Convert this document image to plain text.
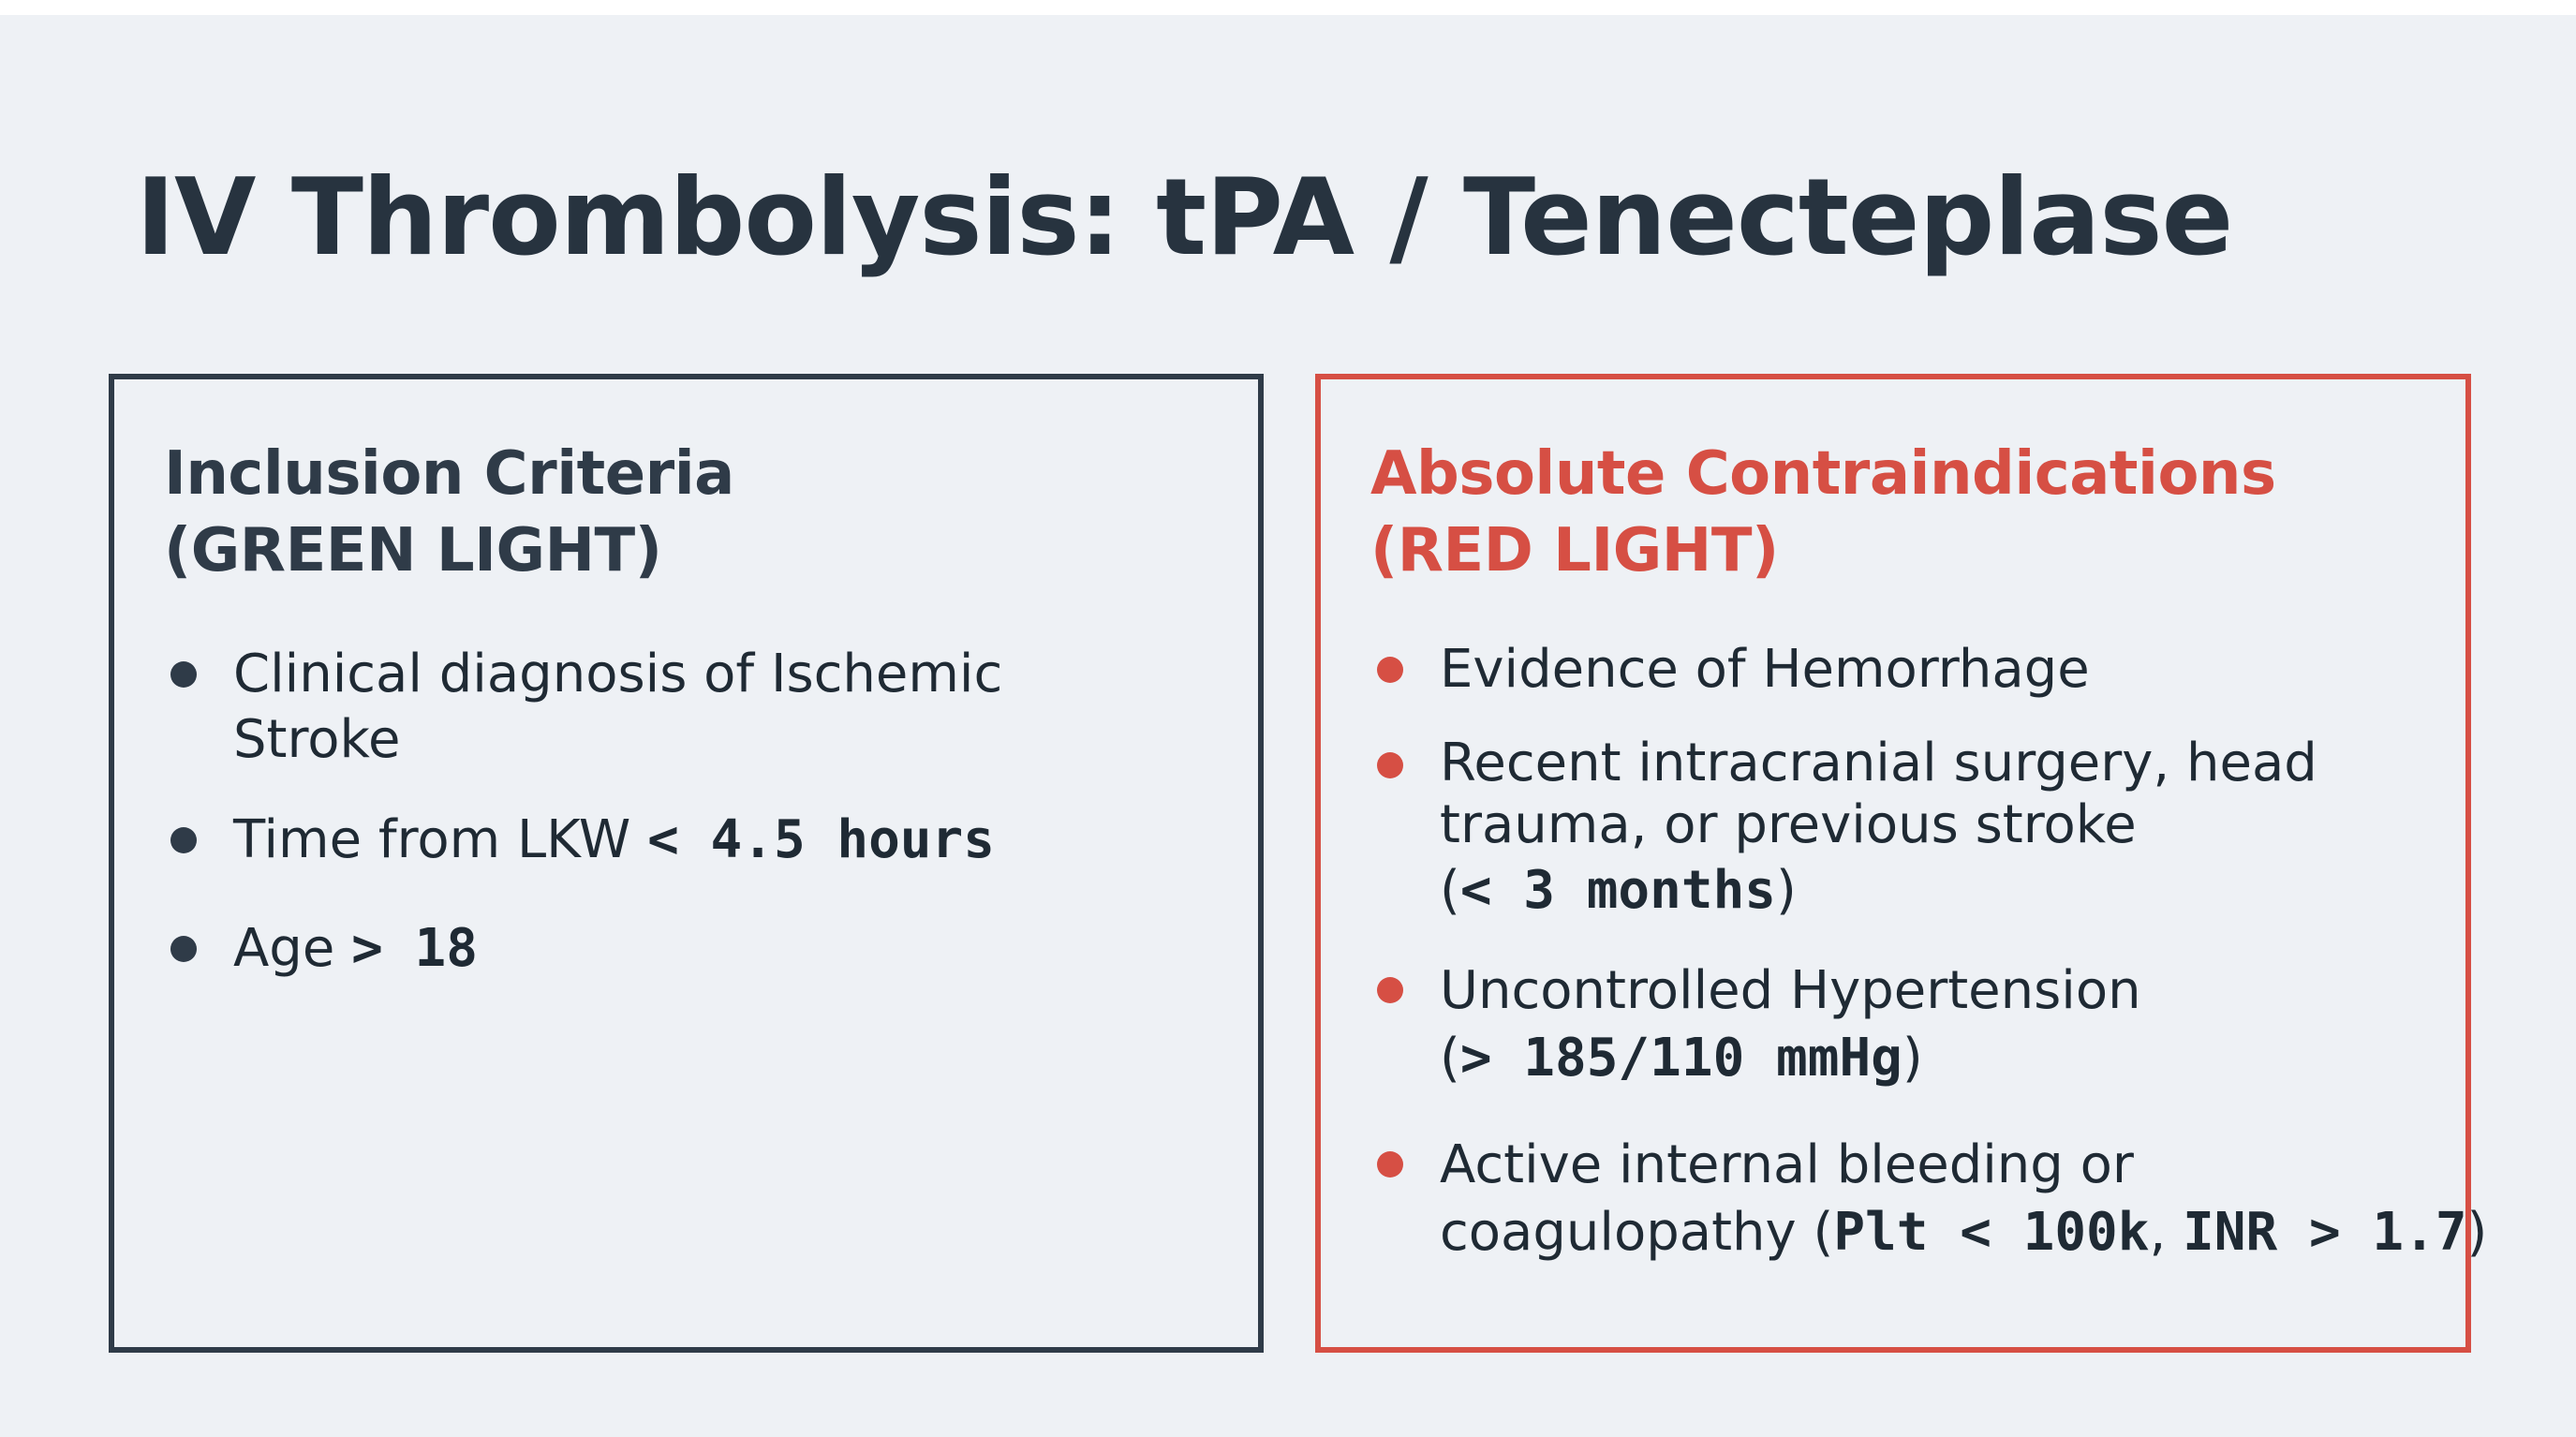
IV Thrombolysis: tPA / Tenecteplase
Inclusion Criteria
(GREEN LIGHT)
Clinical diagnosis of Ischemic
Stroke
Time from LKW < 4.5 hours
Age > 18
Absolute Contraindications
(RED LIGHT)
Evidence of Hemorrhage
Recent intracranial surgery, head
trauma, or previous stroke
(< 3 months)
Uncontrolled Hypertension
(> 185/110 mmHg)
Active internal bleeding or
coagulopathy (Plt < 100k, INR > 1.7)
